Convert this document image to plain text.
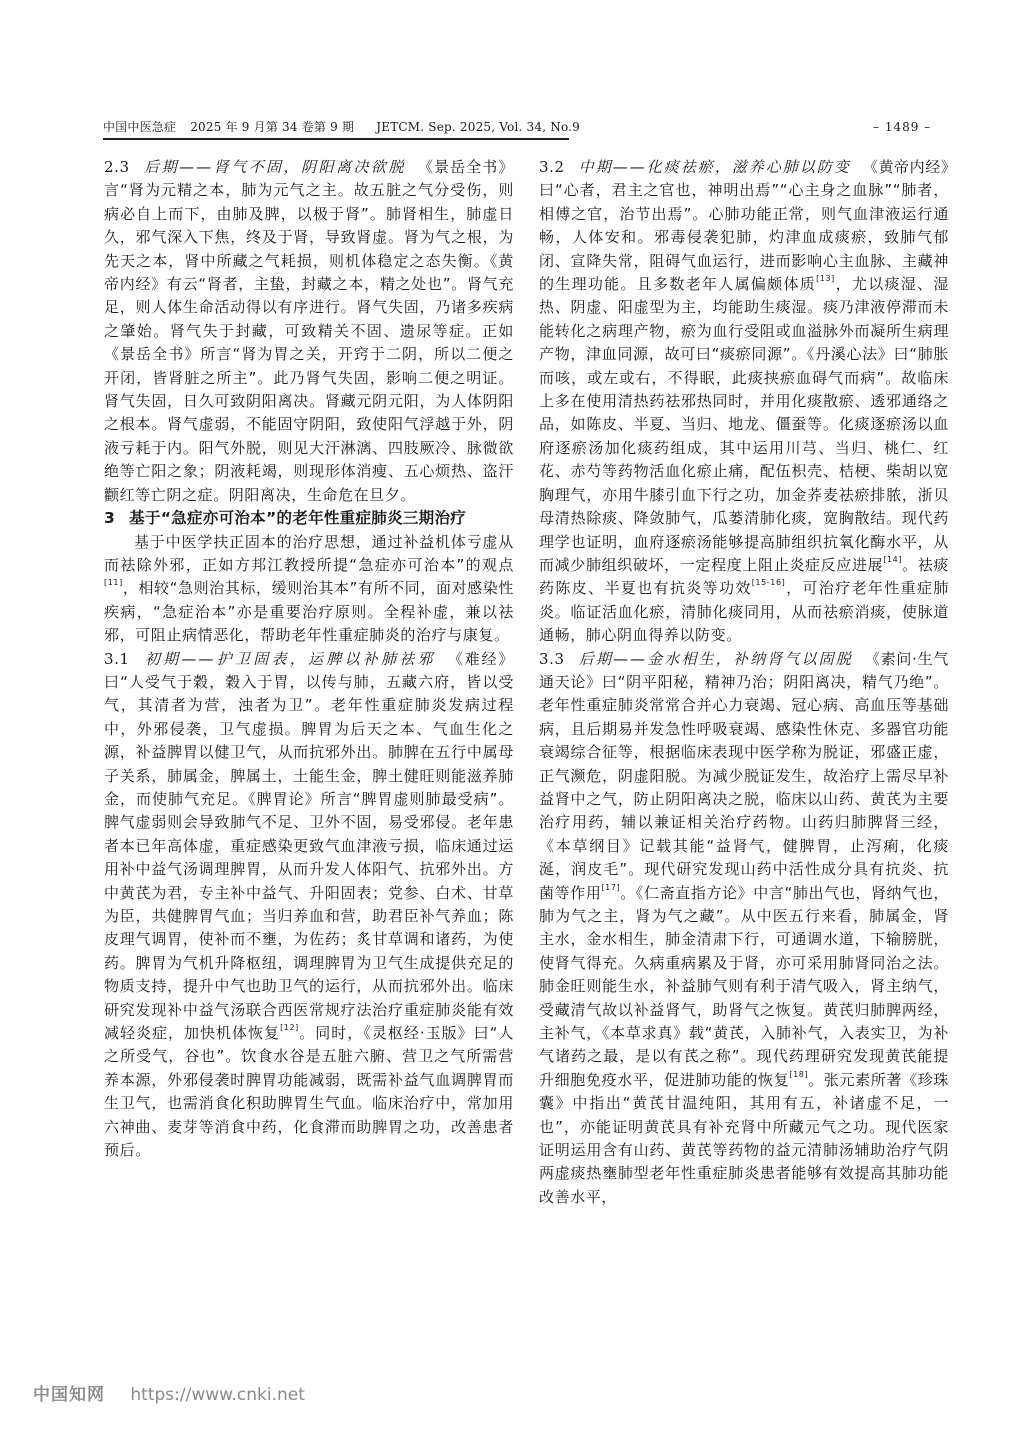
中国中医急症 2025 年 9 月第 34 卷第 9 期 JETCM. Sep. 2025, Vol. 34, No.9	– 1489 –

2.3 后期——肾气不固，阴阳离决欲脱 《景岳全书》言“肾为元精之本，肺为元气之主。故五脏之气分受伤，则病必自上而下，由肺及脾，以极于肾”。肺肾相生，肺虚日久，邪气深入下焦，终及于肾，导致肾虚。肾为气之根，为先天之本，肾中所藏之气耗损，则机体稳定之态失衡。《黄帝内经》有云“肾者，主蛰，封藏之本，精之处也”。肾气充足，则人体生命活动得以有序进行。肾气失固，乃诸多疾病之肇始。肾气失于封藏，可致精关不固、遗尿等症。正如《景岳全书》所言“肾为胃之关，开窍于二阴，所以二便之开闭，皆肾脏之所主”。此乃肾气失固，影响二便之明证。肾气失固，日久可致阴阳离决。肾藏元阴元阳，为人体阴阳之根本。肾气虚弱，不能固守阴阳，致使阳气浮越于外，阴液亏耗于内。阳气外脱，则见大汗淋漓、四肢厥冷、脉微欲绝等亡阳之象；阴液耗竭，则现形体消瘦、五心烦热、盗汗颧红等亡阴之症。阴阳离决，生命危在旦夕。

3 基于“急症亦可治本”的老年性重症肺炎三期治疗

基于中医学扶正固本的治疗思想，通过补益机体亏虚从而祛除外邪，正如方邦江教授所提“急症亦可治本”的观点[11]，相较“急则治其标，缓则治其本”有所不同，面对感染性疾病，“急症治本”亦是重要治疗原则。全程补虚，兼以祛邪，可阻止病情恶化，帮助老年性重症肺炎的治疗与康复。

3.1 初期——护卫固表，运脾以补肺祛邪 《难经》曰“人受气于穀，穀入于胃，以传与肺，五藏六府，皆以受气，其清者为营，浊者为卫”。老年性重症肺炎发病过程中，外邪侵袭，卫气虚损。脾胃为后天之本、气血生化之源，补益脾胃以健卫气，从而抗邪外出。肺脾在五行中属母子关系，肺属金，脾属土，土能生金，脾土健旺则能滋养肺金，而使肺气充足。《脾胃论》所言“脾胃虚则肺最受病”。脾气虚弱则会导致肺气不足、卫外不固，易受邪侵。老年患者本已年高体虚，重症感染更致气血津液亏损，临床通过运用补中益气汤调理脾胃，从而升发人体阳气、抗邪外出。方中黄芪为君，专主补中益气、升阳固表；党参、白术、甘草为臣，共健脾胃气血；当归养血和营，助君臣补气养血；陈皮理气调胃，使补而不壅，为佐药；炙甘草调和诸药，为使药。脾胃为气机升降枢纽，调理脾胃为卫气生成提供充足的物质支持，提升中气也助卫气的运行，从而抗邪外出。临床研究发现补中益气汤联合西医常规疗法治疗重症肺炎能有效减轻炎症，加快机体恢复[12]。同时，《灵枢经·玉版》曰“人之所受气，谷也”。饮食水谷是五脏六腑、营卫之气所需营养本源，外邪侵袭时脾胃功能减弱，既需补益气血调脾胃而生卫气，也需消食化积助脾胃生气血。临床治疗中，常加用六神曲、麦芽等消食中药，化食滞而助脾胃之功，改善患者预后。

3.2 中期——化痰祛瘀，滋养心肺以防变 《黄帝内经》曰“心者，君主之官也，神明出焉”“心主身之血脉”“肺者，相傅之官，治节出焉”。心肺功能正常，则气血津液运行通畅，人体安和。邪毒侵袭犯肺，灼津血成痰瘀，致肺气郁闭、宣降失常，阻碍气血运行，进而影响心主血脉、主藏神的生理功能。且多数老年人属偏颇体质[13]，尤以痰湿、湿热、阴虚、阳虚型为主，均能助生痰湿。痰乃津液停滞而未能转化之病理产物，瘀为血行受阻或血溢脉外而凝所生病理产物，津血同源，故可曰“痰瘀同源”。《丹溪心法》曰“肺胀而咳，或左或右，不得眠，此痰挟瘀血碍气而病”。故临床上多在使用清热药祛邪热同时，并用化痰散瘀、透邪通络之品，如陈皮、半夏、当归、地龙、僵蚕等。化痰逐瘀汤以血府逐瘀汤加化痰药组成，其中运用川芎、当归、桃仁、红花、赤芍等药物活血化瘀止痛，配伍枳壳、桔梗、柴胡以宽胸理气，亦用牛膝引血下行之功，加金荞麦祛瘀排脓，浙贝母清热除痰、降敛肺气，瓜蒌清肺化痰，宽胸散结。现代药理学也证明，血府逐瘀汤能够提高肺组织抗氧化酶水平，从而减少肺组织破坏，一定程度上阻止炎症反应进展[14]。祛痰药陈皮、半夏也有抗炎等功效[15-16]，可治疗老年性重症肺炎。临证活血化瘀，清肺化痰同用，从而祛瘀消痰，使脉道通畅，肺心阴血得养以防变。

3.3 后期——金水相生，补纳肾气以固脱 《素问·生气通天论》曰“阴平阳秘，精神乃治；阴阳离决，精气乃绝”。老年性重症肺炎常常合并心力衰竭、冠心病、高血压等基础病，且后期易并发急性呼吸衰竭、感染性休克、多器官功能衰竭综合征等，根据临床表现中医学称为脱证，邪盛正虚，正气濒危，阴虚阳脱。为减少脱证发生，故治疗上需尽早补益肾中之气，防止阴阳离决之脱，临床以山药、黄芪为主要治疗用药，辅以兼证相关治疗药物。山药归肺脾肾三经，《本草纲目》记载其能“益肾气，健脾胃，止泻痢，化痰涎，润皮毛”。现代研究发现山药中活性成分具有抗炎、抗菌等作用[17]。《仁斋直指方论》中言“肺出气也，肾纳气也，肺为气之主，肾为气之藏”。从中医五行来看，肺属金，肾主水，金水相生，肺金清肃下行，可通调水道，下输膀胱，使肾气得充。久病重病累及于肾，亦可采用肺肾同治之法。肺金旺则能生水，补益肺气则有利于清气吸入，肾主纳气，受藏清气故以补益肾气，助肾气之恢复。黄芪归肺脾两经，主补气，《本草求真》载“黄芪，入肺补气，入表实卫，为补气诸药之最，是以有芪之称”。现代药理研究发现黄芪能提升细胞免疫水平，促进肺功能的恢复[18]。张元素所著《珍珠囊》中指出“黄芪甘温纯阳，其用有五，补诸虚不足，一也”，亦能证明黄芪具有补充肾中所藏元气之功。现代医家证明运用含有山药、黄芪等药物的益元清肺汤辅助治疗气阴两虚痰热壅肺型老年性重症肺炎患者能够有效提高其肺功能改善水平，

中国知网 https://www.cnki.net
